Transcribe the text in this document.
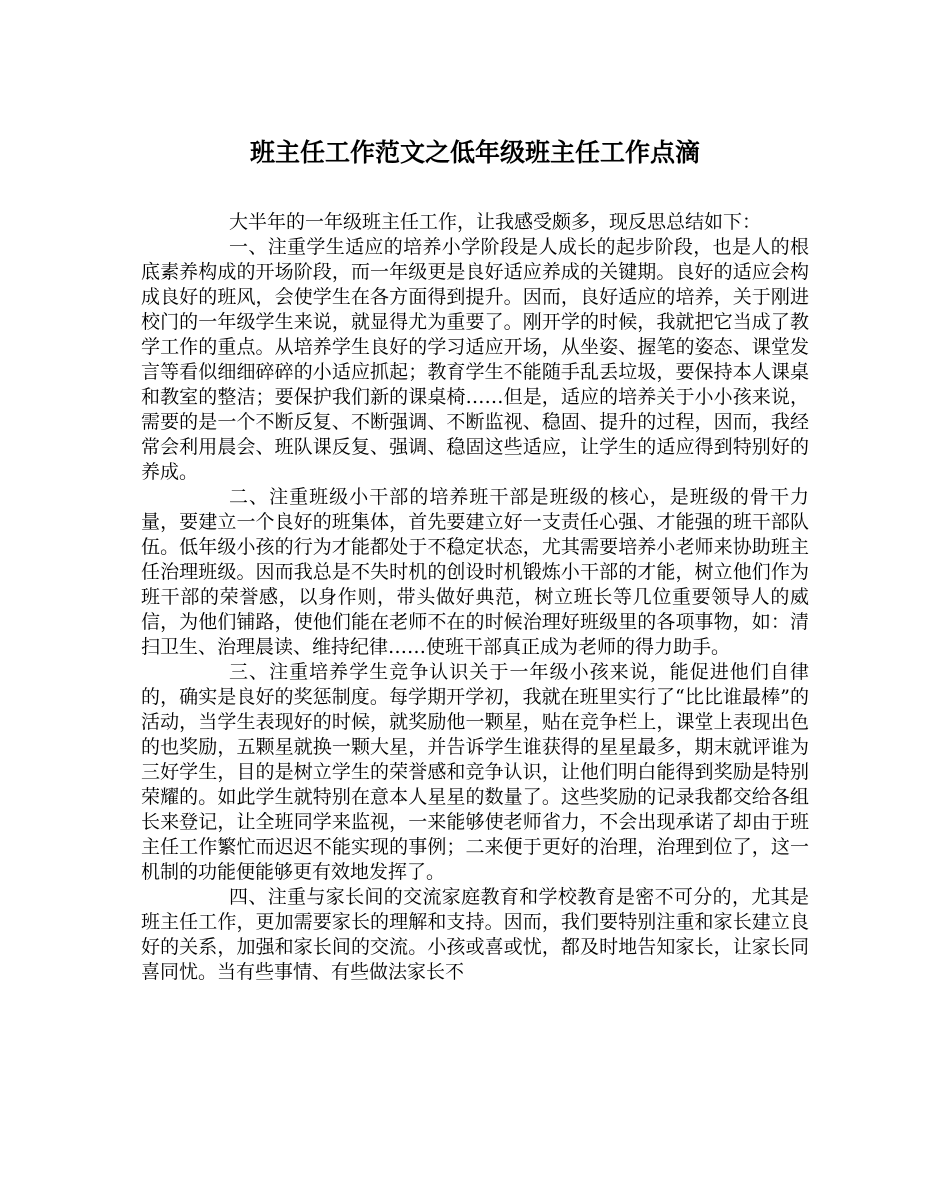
班主任工作范文之低年级班主任工作点滴

大半年的一年级班主任工作，让我感受颇多，现反思总结如下：

一、注重学生适应的培养小学阶段是人成长的起步阶段，也是人的根底素养构成的开场阶段，而一年级更是良好适应养成的关键期。良好的适应会构成良好的班风，会使学生在各方面得到提升。因而，良好适应的培养，关于刚进校门的一年级学生来说，就显得尤为重要了。刚开学的时候，我就把它当成了教学工作的重点。从培养学生良好的学习适应开场，从坐姿、握笔的姿态、课堂发言等看似细细碎碎的小适应抓起；教育学生不能随手乱丢垃圾，要保持本人课桌和教室的整洁；要保护我们新的课桌椅……但是，适应的培养关于小小孩来说，需要的是一个不断反复、不断强调、不断监视、稳固、提升的过程，因而，我经常会利用晨会、班队课反复、强调、稳固这些适应，让学生的适应得到特别好的养成。

二、注重班级小干部的培养班干部是班级的核心，是班级的骨干力量，要建立一个良好的班集体，首先要建立好一支责任心强、才能强的班干部队伍。低年级小孩的行为才能都处于不稳定状态，尤其需要培养小老师来协助班主任治理班级。因而我总是不失时机的创设时机锻炼小干部的才能，树立他们作为班干部的荣誉感，以身作则，带头做好典范，树立班长等几位重要领导人的威信，为他们铺路，使他们能在老师不在的时候治理好班级里的各项事物，如：清扫卫生、治理晨读、维持纪律……使班干部真正成为老师的得力助手。

三、注重培养学生竞争认识关于一年级小孩来说，能促进他们自律的，确实是良好的奖惩制度。每学期开学初，我就在班里实行了“比比谁最棒”的活动，当学生表现好的时候，就奖励他一颗星，贴在竞争栏上，课堂上表现出色的也奖励，五颗星就换一颗大星，并告诉学生谁获得的星星最多，期末就评谁为三好学生，目的是树立学生的荣誉感和竞争认识，让他们明白能得到奖励是特别荣耀的。如此学生就特别在意本人星星的数量了。这些奖励的记录我都交给各组长来登记，让全班同学来监视，一来能够使老师省力，不会出现承诺了却由于班主任工作繁忙而迟迟不能实现的事例；二来便于更好的治理，治理到位了，这一机制的功能便能够更有效地发挥了。

四、注重与家长间的交流家庭教育和学校教育是密不可分的，尤其是班主任工作，更加需要家长的理解和支持。因而，我们要特别注重和家长建立良好的关系，加强和家长间的交流。小孩或喜或忧，都及时地告知家长，让家长同喜同忧。当有些事情、有些做法家长不
